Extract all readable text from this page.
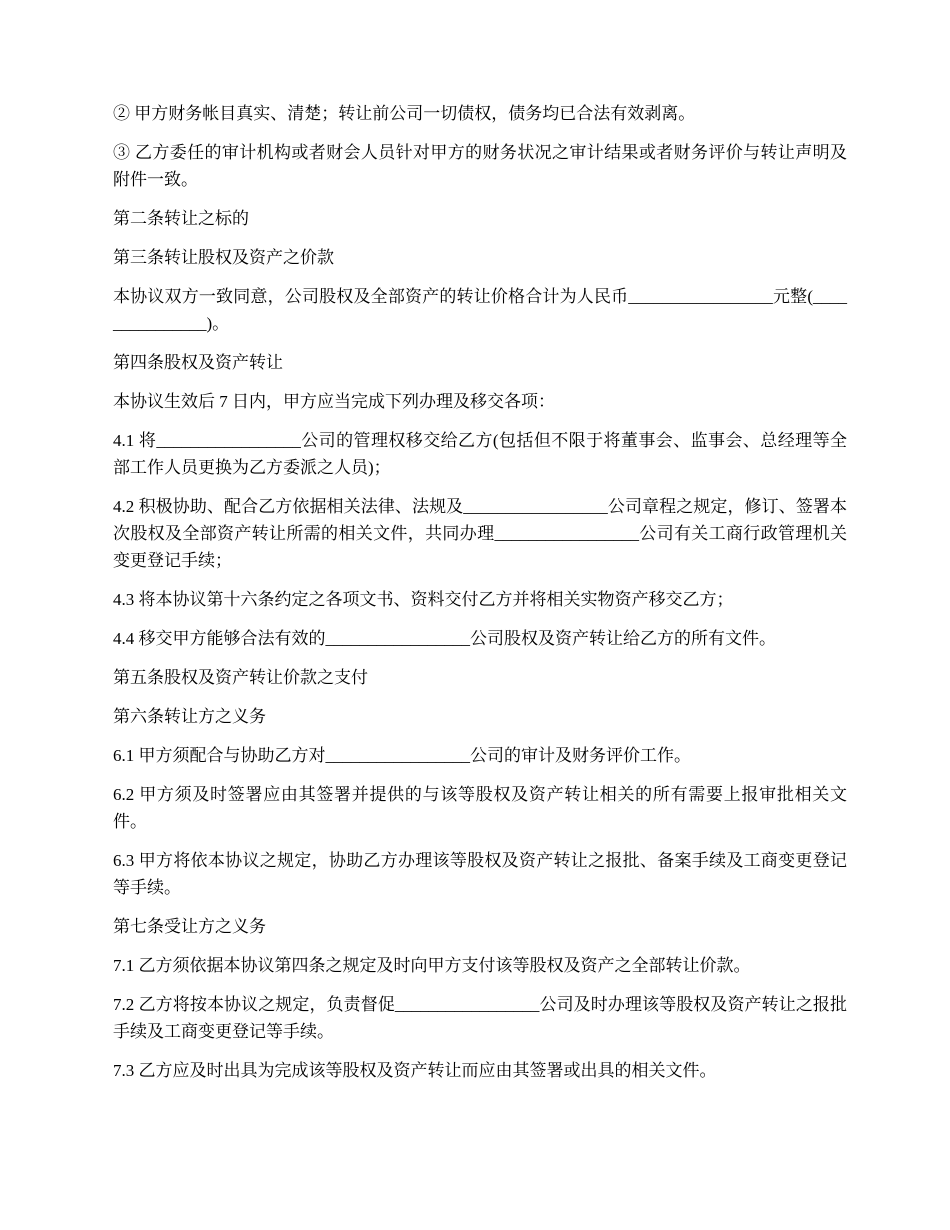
② 甲方财务帐目真实、清楚；转让前公司一切债权，债务均已合法有效剥离。

③ 乙方委任的审计机构或者财会人员针对甲方的财务状况之审计结果或者财务评价与转让声明及附件一致。

第二条转让之标的

第三条转让股权及资产之价款

本协议双方一致同意，公司股权及全部资产的转让价格合计为人民币_________________元整(_______________)。

第四条股权及资产转让

本协议生效后 7 日内，甲方应当完成下列办理及移交各项：

4.1 将_________________公司的管理权移交给乙方(包括但不限于将董事会、监事会、总经理等全部工作人员更换为乙方委派之人员)；

4.2 积极协助、配合乙方依据相关法律、法规及_________________公司章程之规定，修订、签署本次股权及全部资产转让所需的相关文件，共同办理_________________公司有关工商行政管理机关变更登记手续；

4.3 将本协议第十六条约定之各项文书、资料交付乙方并将相关实物资产移交乙方；

4.4 移交甲方能够合法有效的_________________公司股权及资产转让给乙方的所有文件。

第五条股权及资产转让价款之支付

第六条转让方之义务

6.1 甲方须配合与协助乙方对_________________公司的审计及财务评价工作。

6.2 甲方须及时签署应由其签署并提供的与该等股权及资产转让相关的所有需要上报审批相关文件。

6.3 甲方将依本协议之规定，协助乙方办理该等股权及资产转让之报批、备案手续及工商变更登记等手续。

第七条受让方之义务

7.1 乙方须依据本协议第四条之规定及时向甲方支付该等股权及资产之全部转让价款。

7.2 乙方将按本协议之规定，负责督促_________________公司及时办理该等股权及资产转让之报批手续及工商变更登记等手续。

7.3 乙方应及时出具为完成该等股权及资产转让而应由其签署或出具的相关文件。
